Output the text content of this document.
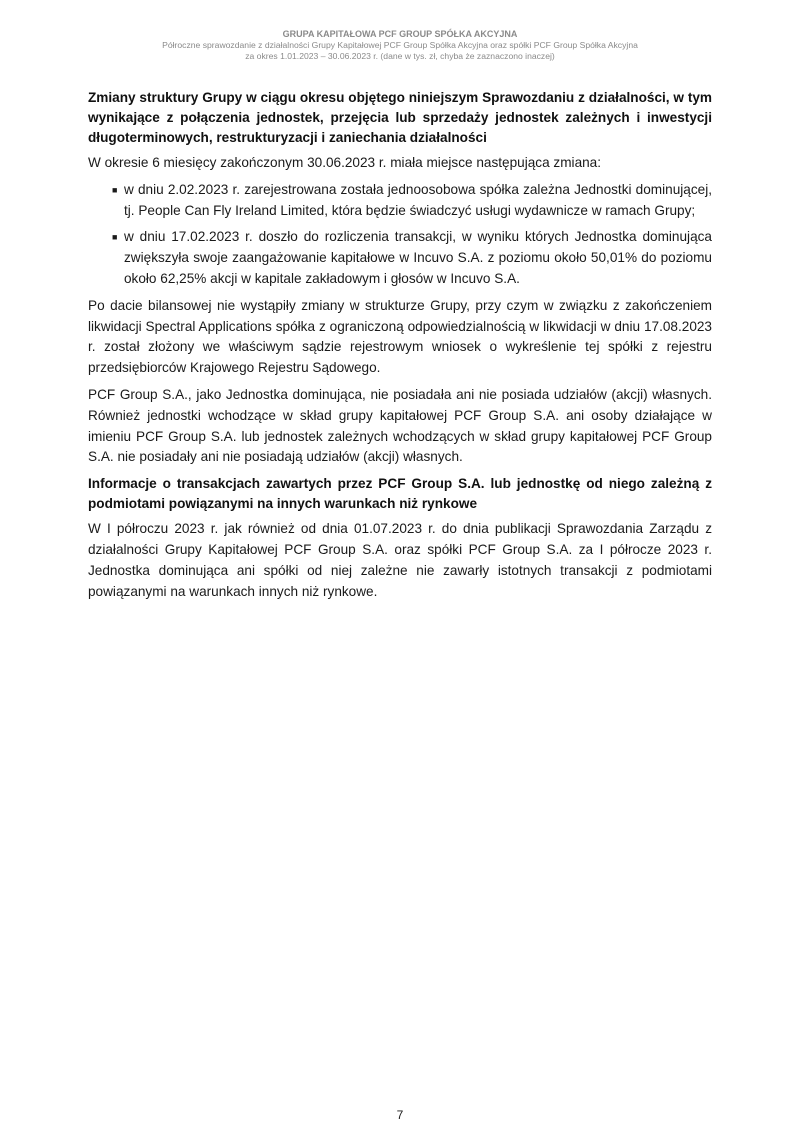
GRUPA KAPITAŁOWA PCF GROUP SPÓŁKA AKCYJNA
Półroczne sprawozdanie z działalności Grupy Kapitałowej PCF Group Spółka Akcyjna oraz spółki PCF Group Spółka Akcyjna
za okres 1.01.2023 – 30.06.2023 r. (dane w tys. zł, chyba że zaznaczono inaczej)
Zmiany struktury Grupy w ciągu okresu objętego niniejszym Sprawozdaniu z działalności, w tym wynikające z połączenia jednostek, przejęcia lub sprzedaży jednostek zależnych i inwestycji długoterminowych, restrukturyzacji i zaniechania działalności

W okresie 6 miesięcy zakończonym 30.06.2023 r. miała miejsce następująca zmiana:

■ w dniu 2.02.2023 r. zarejestrowana została jednoosobowa spółka zależna Jednostki dominującej, tj. People Can Fly Ireland Limited, która będzie świadczyć usługi wydawnicze w ramach Grupy;
■ w dniu 17.02.2023 r. doszło do rozliczenia transakcji, w wyniku których Jednostka dominująca zwiększyła swoje zaangażowanie kapitałowe w Incuvo S.A. z poziomu około 50,01% do poziomu około 62,25% akcji w kapitale zakładowym i głosów w Incuvo S.A.

Po dacie bilansowej nie wystąpiły zmiany w strukturze Grupy, przy czym w związku z zakończeniem likwidacji Spectral Applications spółka z ograniczoną odpowiedzialnością w likwidacji w dniu 17.08.2023 r. został złożony we właściwym sądzie rejestrowym wniosek o wykreślenie tej spółki z rejestru przedsiębiorców Krajowego Rejestru Sądowego.

PCF Group S.A., jako Jednostka dominująca, nie posiadała ani nie posiada udziałów (akcji) własnych. Również jednostki wchodzące w skład grupy kapitałowej PCF Group S.A. ani osoby działające w imieniu PCF Group S.A. lub jednostek zależnych wchodzących w skład grupy kapitałowej PCF Group S.A. nie posiadały ani nie posiadają udziałów (akcji) własnych.

Informacje o transakcjach zawartych przez PCF Group S.A. lub jednostkę od niego zależną z podmiotami powiązanymi na innych warunkach niż rynkowe

W I półroczu 2023 r. jak również od dnia 01.07.2023 r. do dnia publikacji Sprawozdania Zarządu z działalności Grupy Kapitałowej PCF Group S.A. oraz spółki PCF Group S.A. za I półrocze 2023 r. Jednostka dominująca ani spółki od niej zależne nie zawarły istotnych transakcji z podmiotami powiązanymi na warunkach innych niż rynkowe.

7
